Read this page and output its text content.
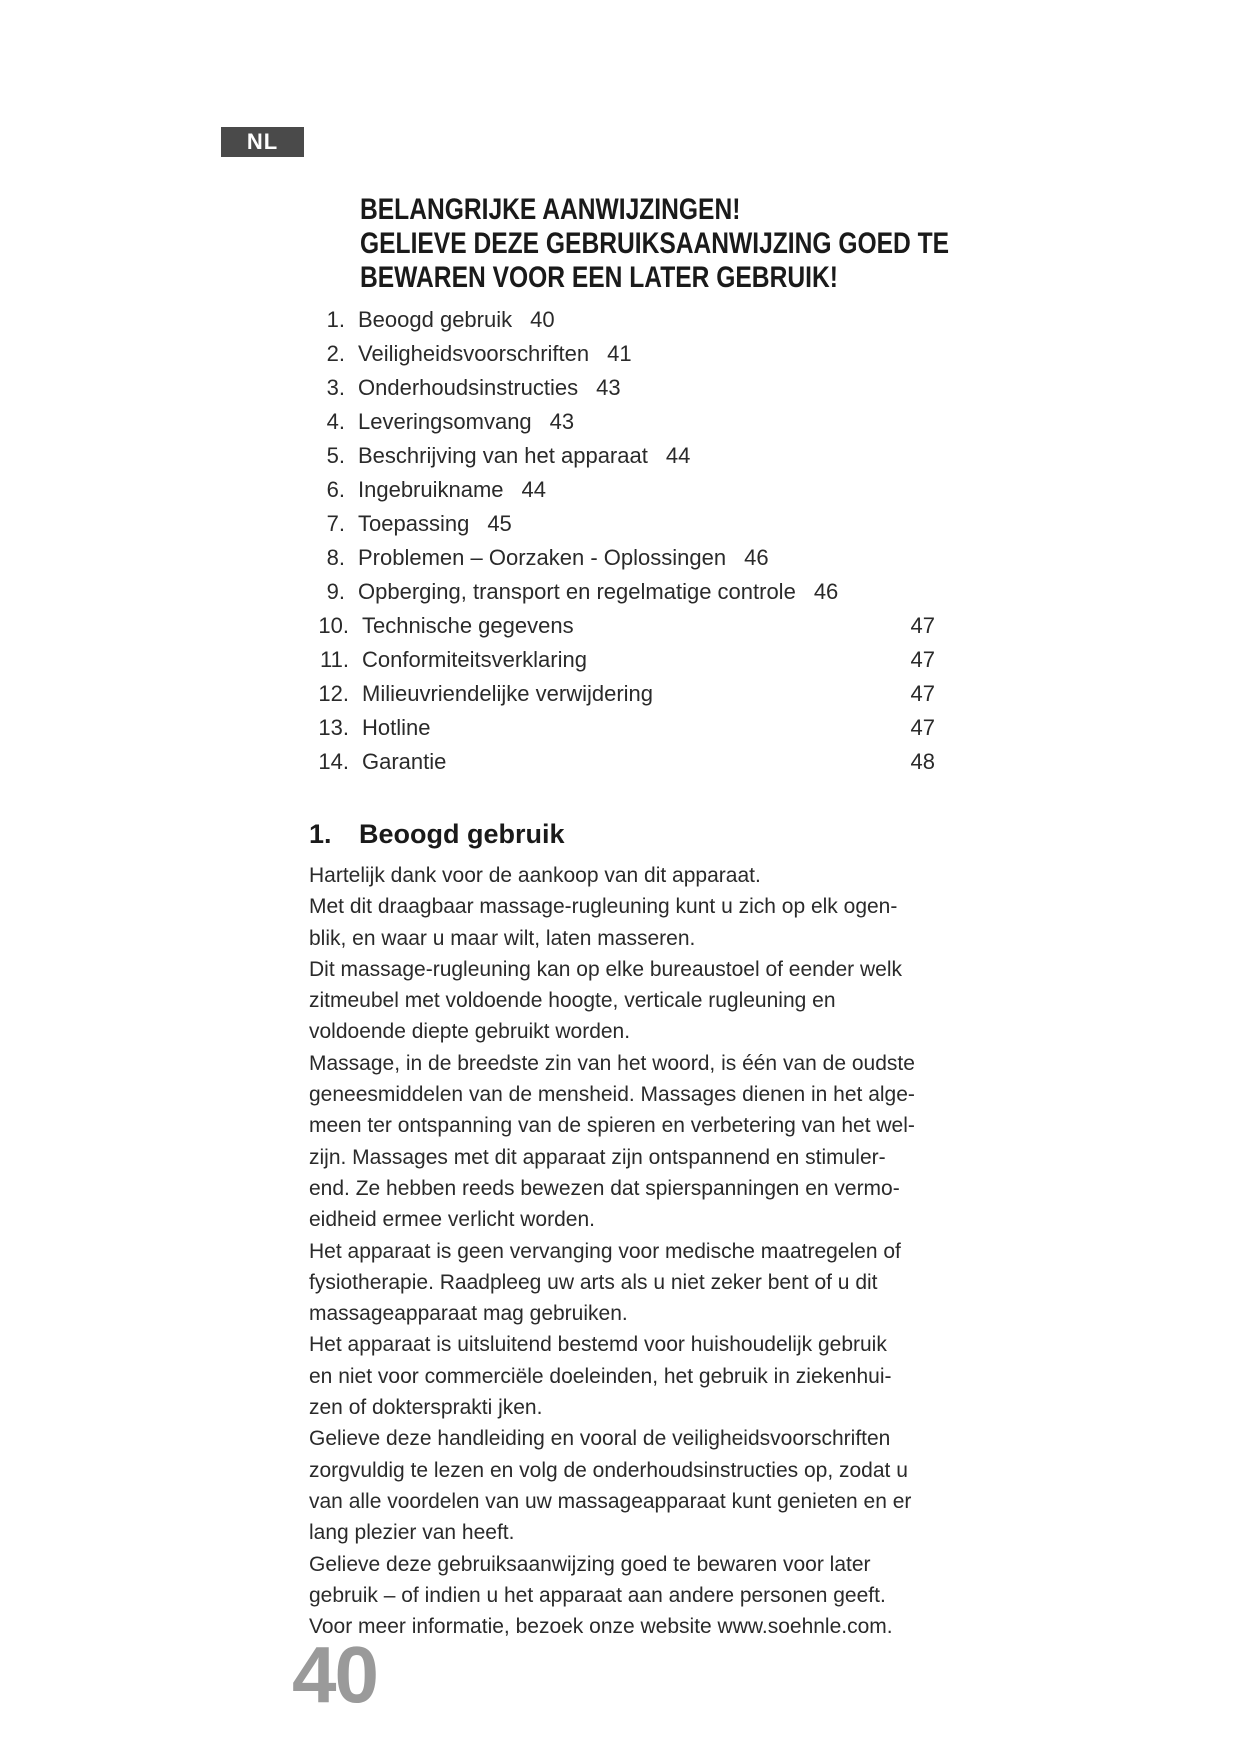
NL
BELANGRIJKE AANWIJZINGEN!
GELIEVE DEZE GEBRUIKSAANWIJZING GOED TE
BEWAREN VOOR EEN LATER GEBRUIK!
1. Beoogd gebruik 40
2. Veiligheidsvoorschriften 41
3. Onderhoudsinstructies 43
4. Leveringsomvang 43
5. Beschrijving van het apparaat 44
6. Ingebruikname 44
7. Toepassing 45
8. Problemen – Oorzaken - Oplossingen 46
9. Opberging, transport en regelmatige controle 46
10. Technische gegevens	47
11. Conformiteitsverklaring	47
12. Milieuvriendelijke verwijdering	47
13. Hotline	47
14. Garantie	48
1. Beoogd gebruik
Hartelijk dank voor de aankoop van dit apparaat.
Met dit draagbaar massage-rugleuning kunt u zich op elk ogen-
blik, en waar u maar wilt, laten masseren.
Dit massage-rugleuning kan op elke bureaustoel of eender welk
zitmeubel met voldoende hoogte, verticale rugleuning en
voldoende diepte gebruikt worden.
Massage, in de breedste zin van het woord, is één van de oudste
geneesmiddelen van de mensheid. Massages dienen in het alge-
meen ter ontspanning van de spieren en verbetering van het wel-
zijn. Massages met dit apparaat zijn ontspannend en stimuler-
end. Ze hebben reeds bewezen dat spierspanningen en vermo-
eidheid ermee verlicht worden.
Het apparaat is geen vervanging voor medische maatregelen of
fysiotherapie. Raadpleeg uw arts als u niet zeker bent of u dit
massageapparaat mag gebruiken.
Het apparaat is uitsluitend bestemd voor huishoudelijk gebruik
en niet voor commerciële doeleinden, het gebruik in ziekenhui-
zen of doktersprakti jken.
Gelieve deze handleiding en vooral de veiligheidsvoorschriften
zorgvuldig te lezen en volg de onderhoudsinstructies op, zodat u
van alle voordelen van uw massageapparaat kunt genieten en er
lang plezier van heeft.
Gelieve deze gebruiksaanwijzing goed te bewaren voor later
gebruik – of indien u het apparaat aan andere personen geeft.
Voor meer informatie, bezoek onze website www.soehnle.com.
40
